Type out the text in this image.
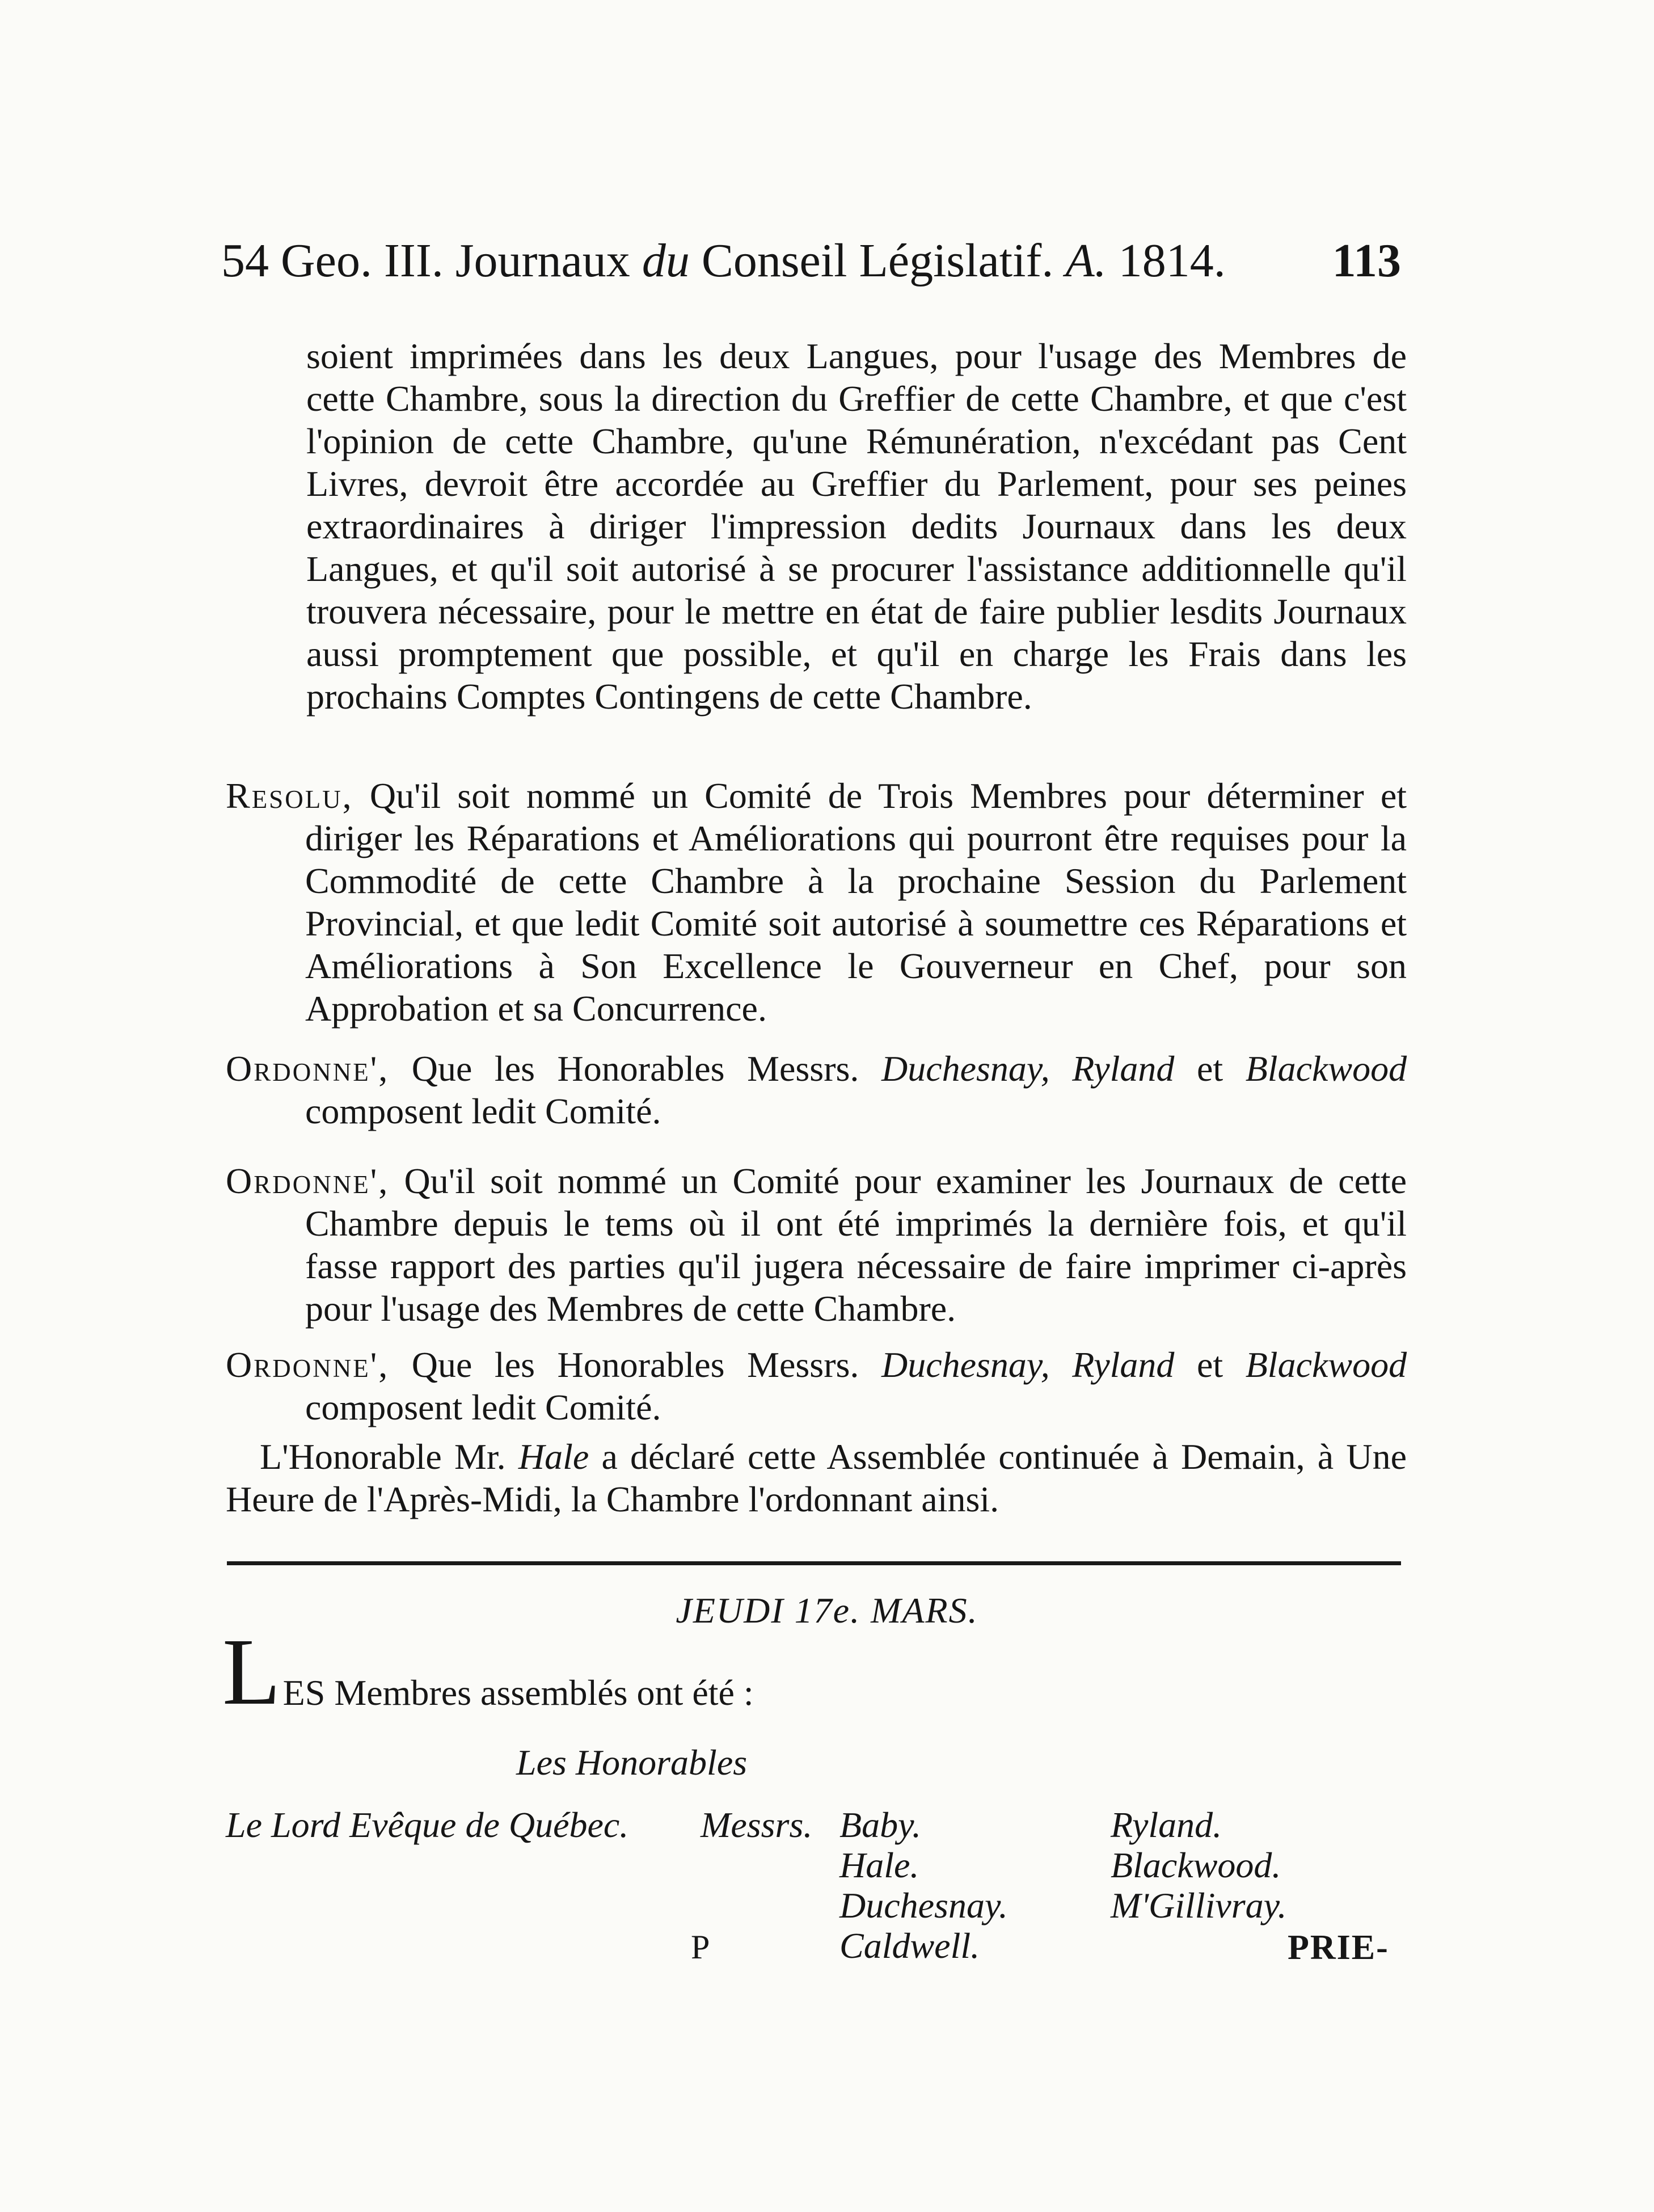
54 Geo. III. Journaux du Conseil Législatif. A. 1814. 113
soient imprimées dans les deux Langues, pour l'usage des Membres de cette Chambre, sous la direction du Greffier de cette Chambre, et que c'est l'opinion de cette Chambre, qu'une Rémunération, n'excédant pas Cent Livres, devroit être accordée au Greffier du Parlement, pour ses peines extraordinaires à diriger l'impression dedits Journaux dans les deux Langues, et qu'il soit autorisé à se procurer l'assistance additionnelle qu'il trouvera nécessaire, pour le mettre en état de faire publier lesdits Journaux aussi promptement que possible, et qu'il en charge les Frais dans les prochains Comptes Contingens de cette Chambre.
Resolu, Qu'il soit nommé un Comité de Trois Membres pour déterminer et diriger les Réparations et Améliorations qui pourront être requises pour la Commodité de cette Chambre à la prochaine Session du Parlement Provincial, et que ledit Comité soit autorisé à soumettre ces Réparations et Améliorations à Son Excellence le Gouverneur en Chef, pour son Approbation et sa Concurrence.
Ordonne', Que les Honorables Messrs. Duchesnay, Ryland et Blackwood composent ledit Comité.
Ordonne', Qu'il soit nommé un Comité pour examiner les Journaux de cette Chambre depuis le tems où il ont été imprimés la dernière fois, et qu'il fasse rapport des parties qu'il jugera nécessaire de faire imprimer ci-après pour l'usage des Membres de cette Chambre.
Ordonne', Que les Honorables Messrs. Duchesnay, Ryland et Blackwood composent ledit Comité.
L'Honorable Mr. Hale a déclaré cette Assemblée continuée à Demain, à Une Heure de l'Après-Midi, la Chambre l'ordonnant ainsi.
JEUDI 17e. MARS.
L ES Membres assemblés ont été :
Les Honorables
Le Lord Evêque de Québec. Messrs. Baby.
Hale.
Duchesnay.
Caldwell.
Ryland.
Blackwood.
M'Gillivray.
P	PRIE-
